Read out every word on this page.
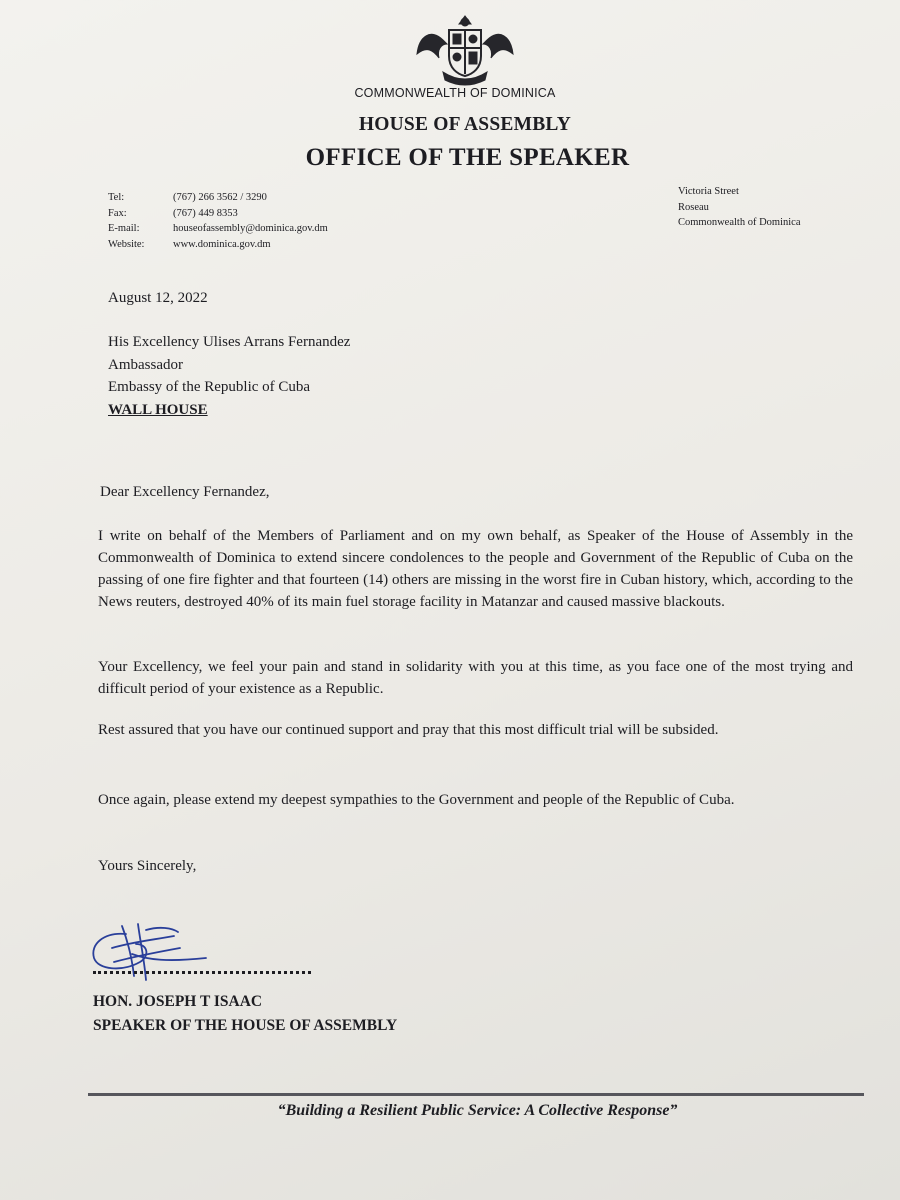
COMMONWEALTH OF DOMINICA
HOUSE OF ASSEMBLY
OFFICE OF THE SPEAKER
Tel:	(767) 266 3562 / 3290
Fax:	(767) 449 8353
E-mail:	houseofassembly@dominica.gov.dm
Website:	www.dominica.gov.dm
Victoria Street
Roseau
Commonwealth of Dominica
August 12, 2022
His Excellency Ulises Arrans Fernandez
Ambassador
Embassy of the Republic of Cuba
WALL HOUSE
Dear Excellency Fernandez,

I write on behalf of the Members of Parliament and on my own behalf, as Speaker of the House of Assembly in the Commonwealth of Dominica to extend sincere condolences to the people and Government of the Republic of Cuba on the passing of one fire fighter and that fourteen (14) others are missing in the worst fire in Cuban history, which, according to the News reuters, destroyed 40% of its main fuel storage facility in Matanzar and caused massive blackouts.

Your Excellency, we feel your pain and stand in solidarity with you at this time, as you face one of the most trying and difficult period of your existence as a Republic.

Rest assured that you have our continued support and pray that this most difficult trial will be subsided.

Once again, please extend my deepest sympathies to the Government and people of the Republic of Cuba.

Yours Sincerely,
HON. JOSEPH T ISAAC
SPEAKER OF THE HOUSE OF ASSEMBLY
“Building a Resilient Public Service: A Collective Response”
